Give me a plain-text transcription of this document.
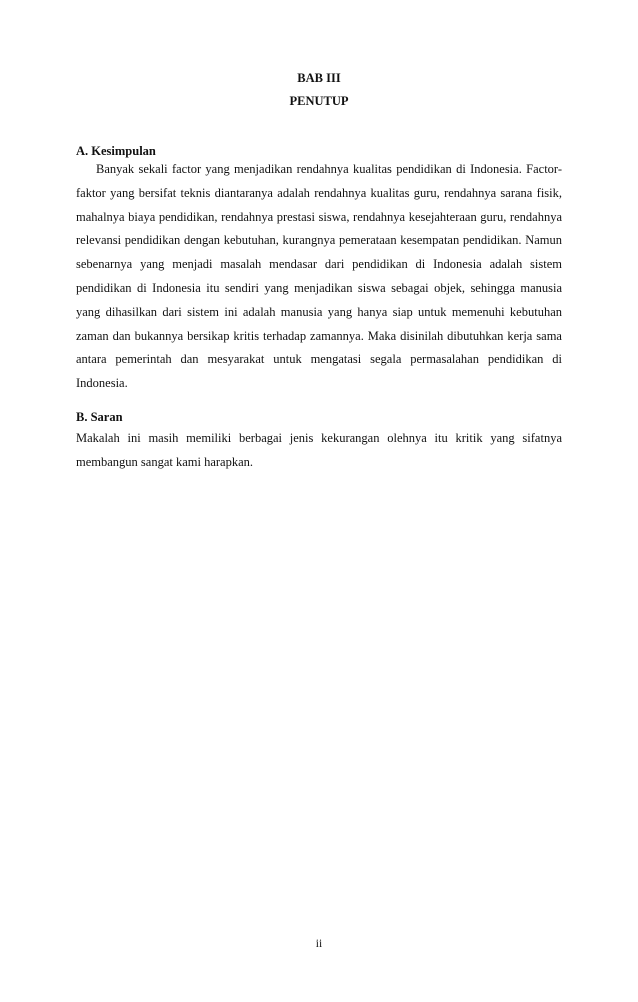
BAB III
PENUTUP
A. Kesimpulan

Banyak sekali factor yang menjadikan rendahnya kualitas pendidikan di Indonesia. Factor-faktor yang bersifat teknis diantaranya adalah rendahnya kualitas guru, rendahnya sarana fisik, mahalnya biaya pendidikan, rendahnya prestasi siswa, rendahnya kesejahteraan guru, rendahnya relevansi pendidikan dengan kebutuhan, kurangnya pemerataan kesempatan pendidikan. Namun sebenarnya yang menjadi masalah mendasar dari pendidikan di Indonesia adalah sistem pendidikan di Indonesia itu sendiri yang menjadikan siswa sebagai objek, sehingga manusia yang dihasilkan dari sistem ini adalah manusia yang hanya siap untuk memenuhi kebutuhan zaman dan bukannya bersikap kritis terhadap zamannya. Maka disinilah dibutuhkan kerja sama antara pemerintah dan mesyarakat untuk mengatasi segala permasalahan pendidikan di Indonesia.

B. Saran

Makalah ini masih memiliki berbagai jenis kekurangan olehnya itu kritik yang sifatnya membangun sangat kami harapkan.

ii
